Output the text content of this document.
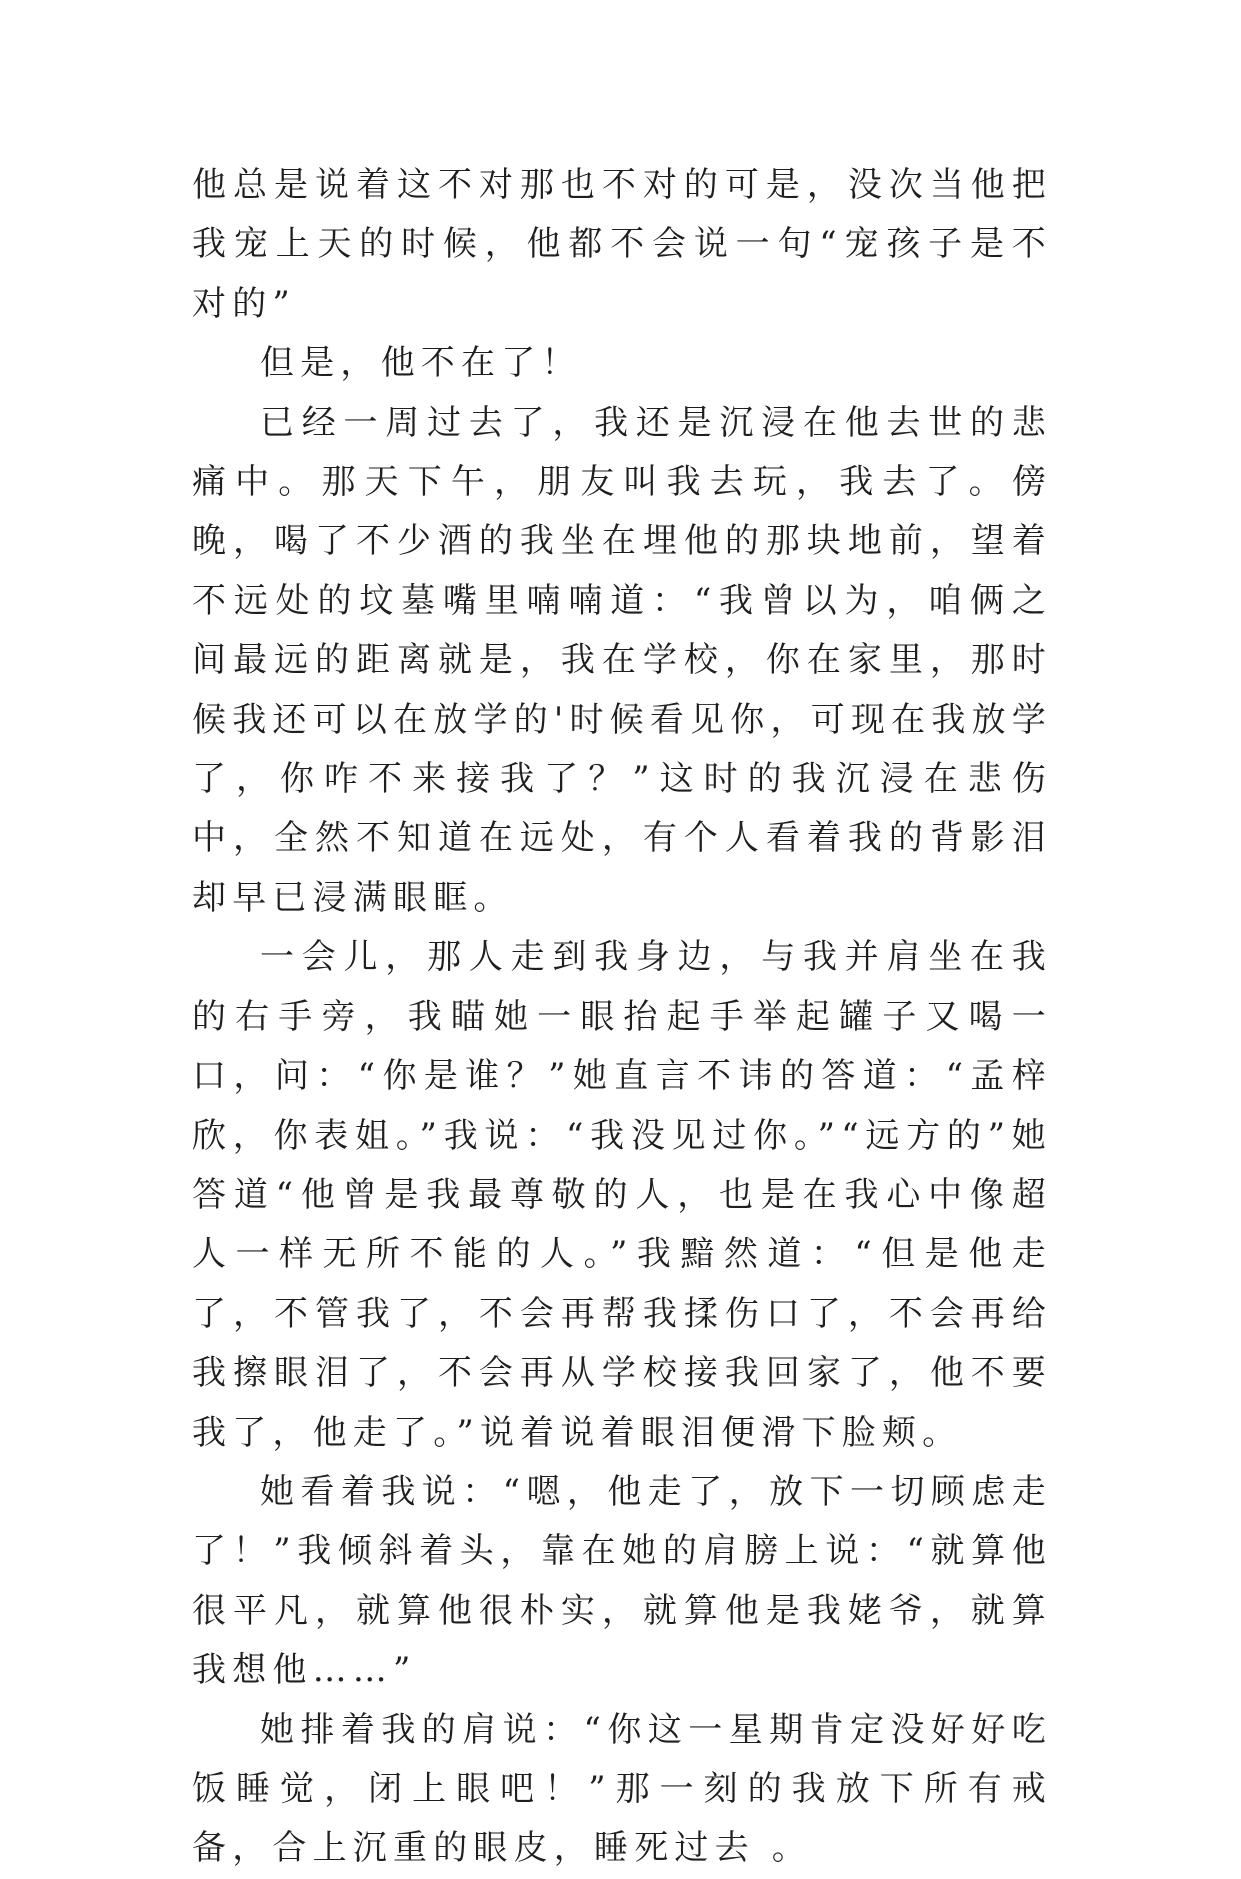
他总是说着这不对那也不对的可是，没次当他把我宠上天的时候，他都不会说一句“宠孩子是不对的”

但是，他不在了！

已经一周过去了，我还是沉浸在他去世的悲痛中。那天下午，朋友叫我去玩，我去了。傍晚，喝了不少酒的我坐在埋他的那块地前，望着不远处的坟墓嘴里喃喃道：“我曾以为，咱俩之间最远的距离就是，我在学校，你在家里，那时候我还可以在放学的'时候看见你，可现在我放学了，你咋不来接我了？”这时的我沉浸在悲伤中，全然不知道在远处，有个人看着我的背影泪却早已浸满眼眶。

一会儿，那人走到我身边，与我并肩坐在我的右手旁，我瞄她一眼抬起手举起罐子又喝一口，问：“你是谁？”她直言不讳的答道：“孟梓欣，你表姐。”我说：“我没见过你。”“远方的”她答道“他曾是我最尊敬的人，也是在我心中像超人一样无所不能的人。”我黯然道：“但是他走了，不管我了，不会再帮我揉伤口了，不会再给我擦眼泪了，不会再从学校接我回家了，他不要我了，他走了。”说着说着眼泪便滑下脸颊。

她看着我说：“嗯，他走了，放下一切顾虑走了！”我倾斜着头，靠在她的肩膀上说：“就算他很平凡，就算他很朴实，就算他是我姥爷，就算我想他……”

她排着我的肩说：“你这一星期肯定没好好吃饭睡觉，闭上眼吧！”那一刻的我放下所有戒备，合上沉重的眼皮，睡死过去 。
